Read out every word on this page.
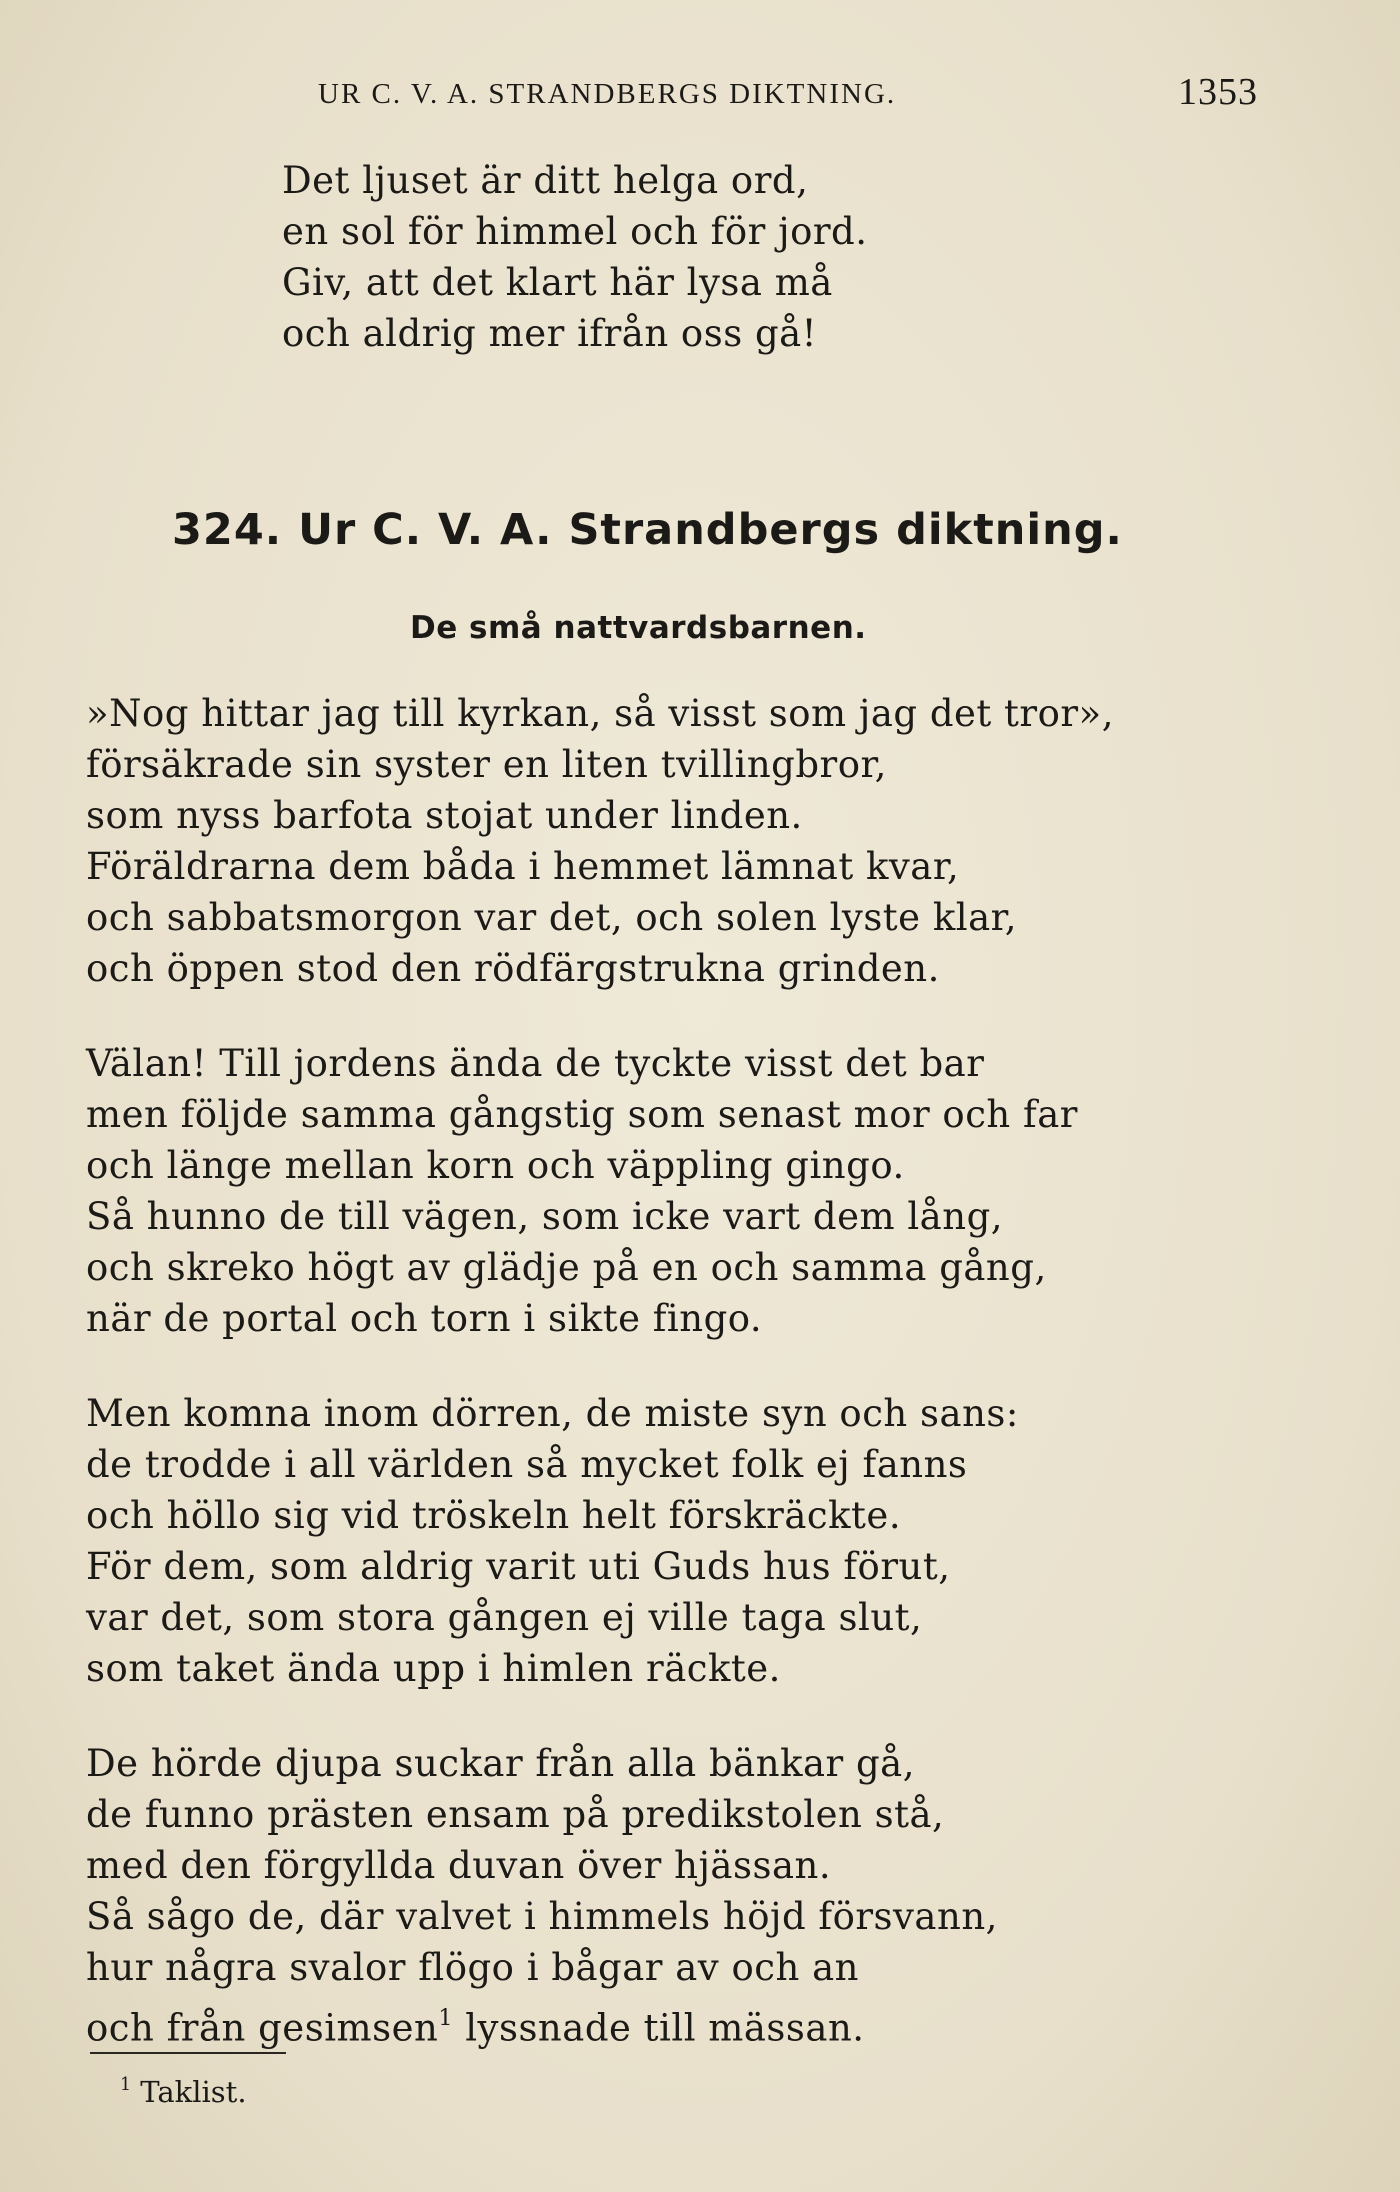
UR C. V. A. STRANDBERGS DIKTNING.	1353
Det ljuset är ditt helga ord,
en sol för himmel och för jord.
Giv, att det klart här lysa må
och aldrig mer ifrån oss gå!
324. Ur C. V. A. Strandbergs diktning.
De små nattvardsbarnen.
»Nog hittar jag till kyrkan, så visst som jag det tror»,
försäkrade sin syster en liten tvillingbror,
som nyss barfota stojat under linden.
Föräldrarna dem båda i hemmet lämnat kvar,
och sabbatsmorgon var det, och solen lyste klar,
och öppen stod den rödfärgstrukna grinden.
Välan! Till jordens ända de tyckte visst det bar
men följde samma gångstig som senast mor och far
och länge mellan korn och väppling gingo.
Så hunno de till vägen, som icke vart dem lång,
och skreko högt av glädje på en och samma gång,
när de portal och torn i sikte fingo.
Men komna inom dörren, de miste syn och sans:
de trodde i all världen så mycket folk ej fanns
och höllo sig vid tröskeln helt förskräckte.
För dem, som aldrig varit uti Guds hus förut,
var det, som stora gången ej ville taga slut,
som taket ända upp i himlen räckte.
De hörde djupa suckar från alla bänkar gå,
de funno prästen ensam på predikstolen stå,
med den förgyllda duvan över hjässan.
Så sågo de, där valvet i himmels höjd försvann,
hur några svalor flögo i bågar av och an
och från gesimsen$^1$ lyssnade till mässan.
$^1$ Taklist.
